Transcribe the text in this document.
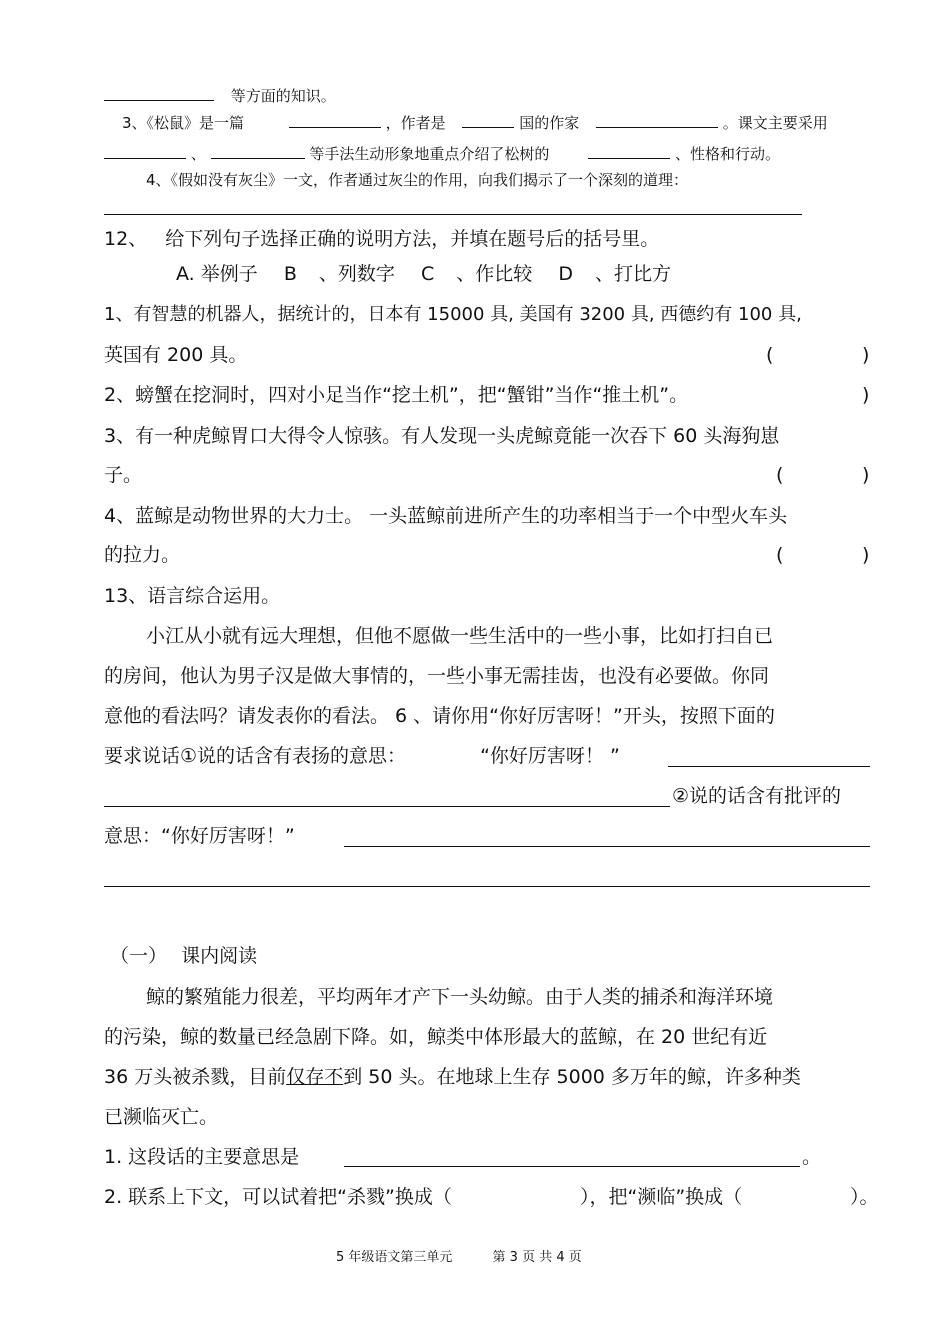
等方面的知识。
3、《松鼠》是一篇	，作者是	国的作家	。课文主要采用
、	等手法生动形象地重点介绍了松树的	、性格和行动。
4、《假如没有灰尘》一文，作者通过灰尘的作用，向我们揭示了一个深刻的道理：
12、 给下列句子选择正确的说明方法，并填在题号后的括号里。
A. 举例子 B 、列数字 C 、作比较 D 、打比方
1、有智慧的机器人，据统计的，日本有 15000 具, 美国有 3200 具, 西德约有 100 具,
英国有 200 具。	(	)
2、螃蟹在挖洞时，四对小足当作“挖土机”，把“蟹钳”当作“推土机”。	)
3、有一种虎鲸胃口大得令人惊骇。有人发现一头虎鲸竟能一次吞下 60 头海狗崽
子。	(	)
4、蓝鲸是动物世界的大力士。 一头蓝鲸前进所产生的功率相当于一个中型火车头
的拉力。	(	)
13、语言综合运用。
小江从小就有远大理想，但他不愿做一些生活中的一些小事，比如打扫自已
的房间，他认为男子汉是做大事情的，一些小事无需挂齿，也没有必要做。你同
意他的看法吗？请发表你的看法。 6 、请你用“你好厉害呀！”开头，按照下面的
要求说话①说的话含有表扬的意思：	“你好厉害呀！ ”
②说的话含有批评的
意思：“你好厉害呀！”
（一） 课内阅读
鲸的繁殖能力很差，平均两年才产下一头幼鲸。由于人类的捕杀和海洋环境
的污染，鲸的数量已经急剧下降。如，鲸类中体形最大的蓝鲸，在 20 世纪有近
36 万头被杀戮，目前仅存不到 50 头。在地球上生存 5000 多万年的鲸，许多种类
已濒临灭亡。
1. 这段话的主要意思是	。
2. 联系上下文，可以试着把“杀戮”换成（	），把“濒临”换成（	）。
5 年级语文第三单元	第 3 页 共 4 页
